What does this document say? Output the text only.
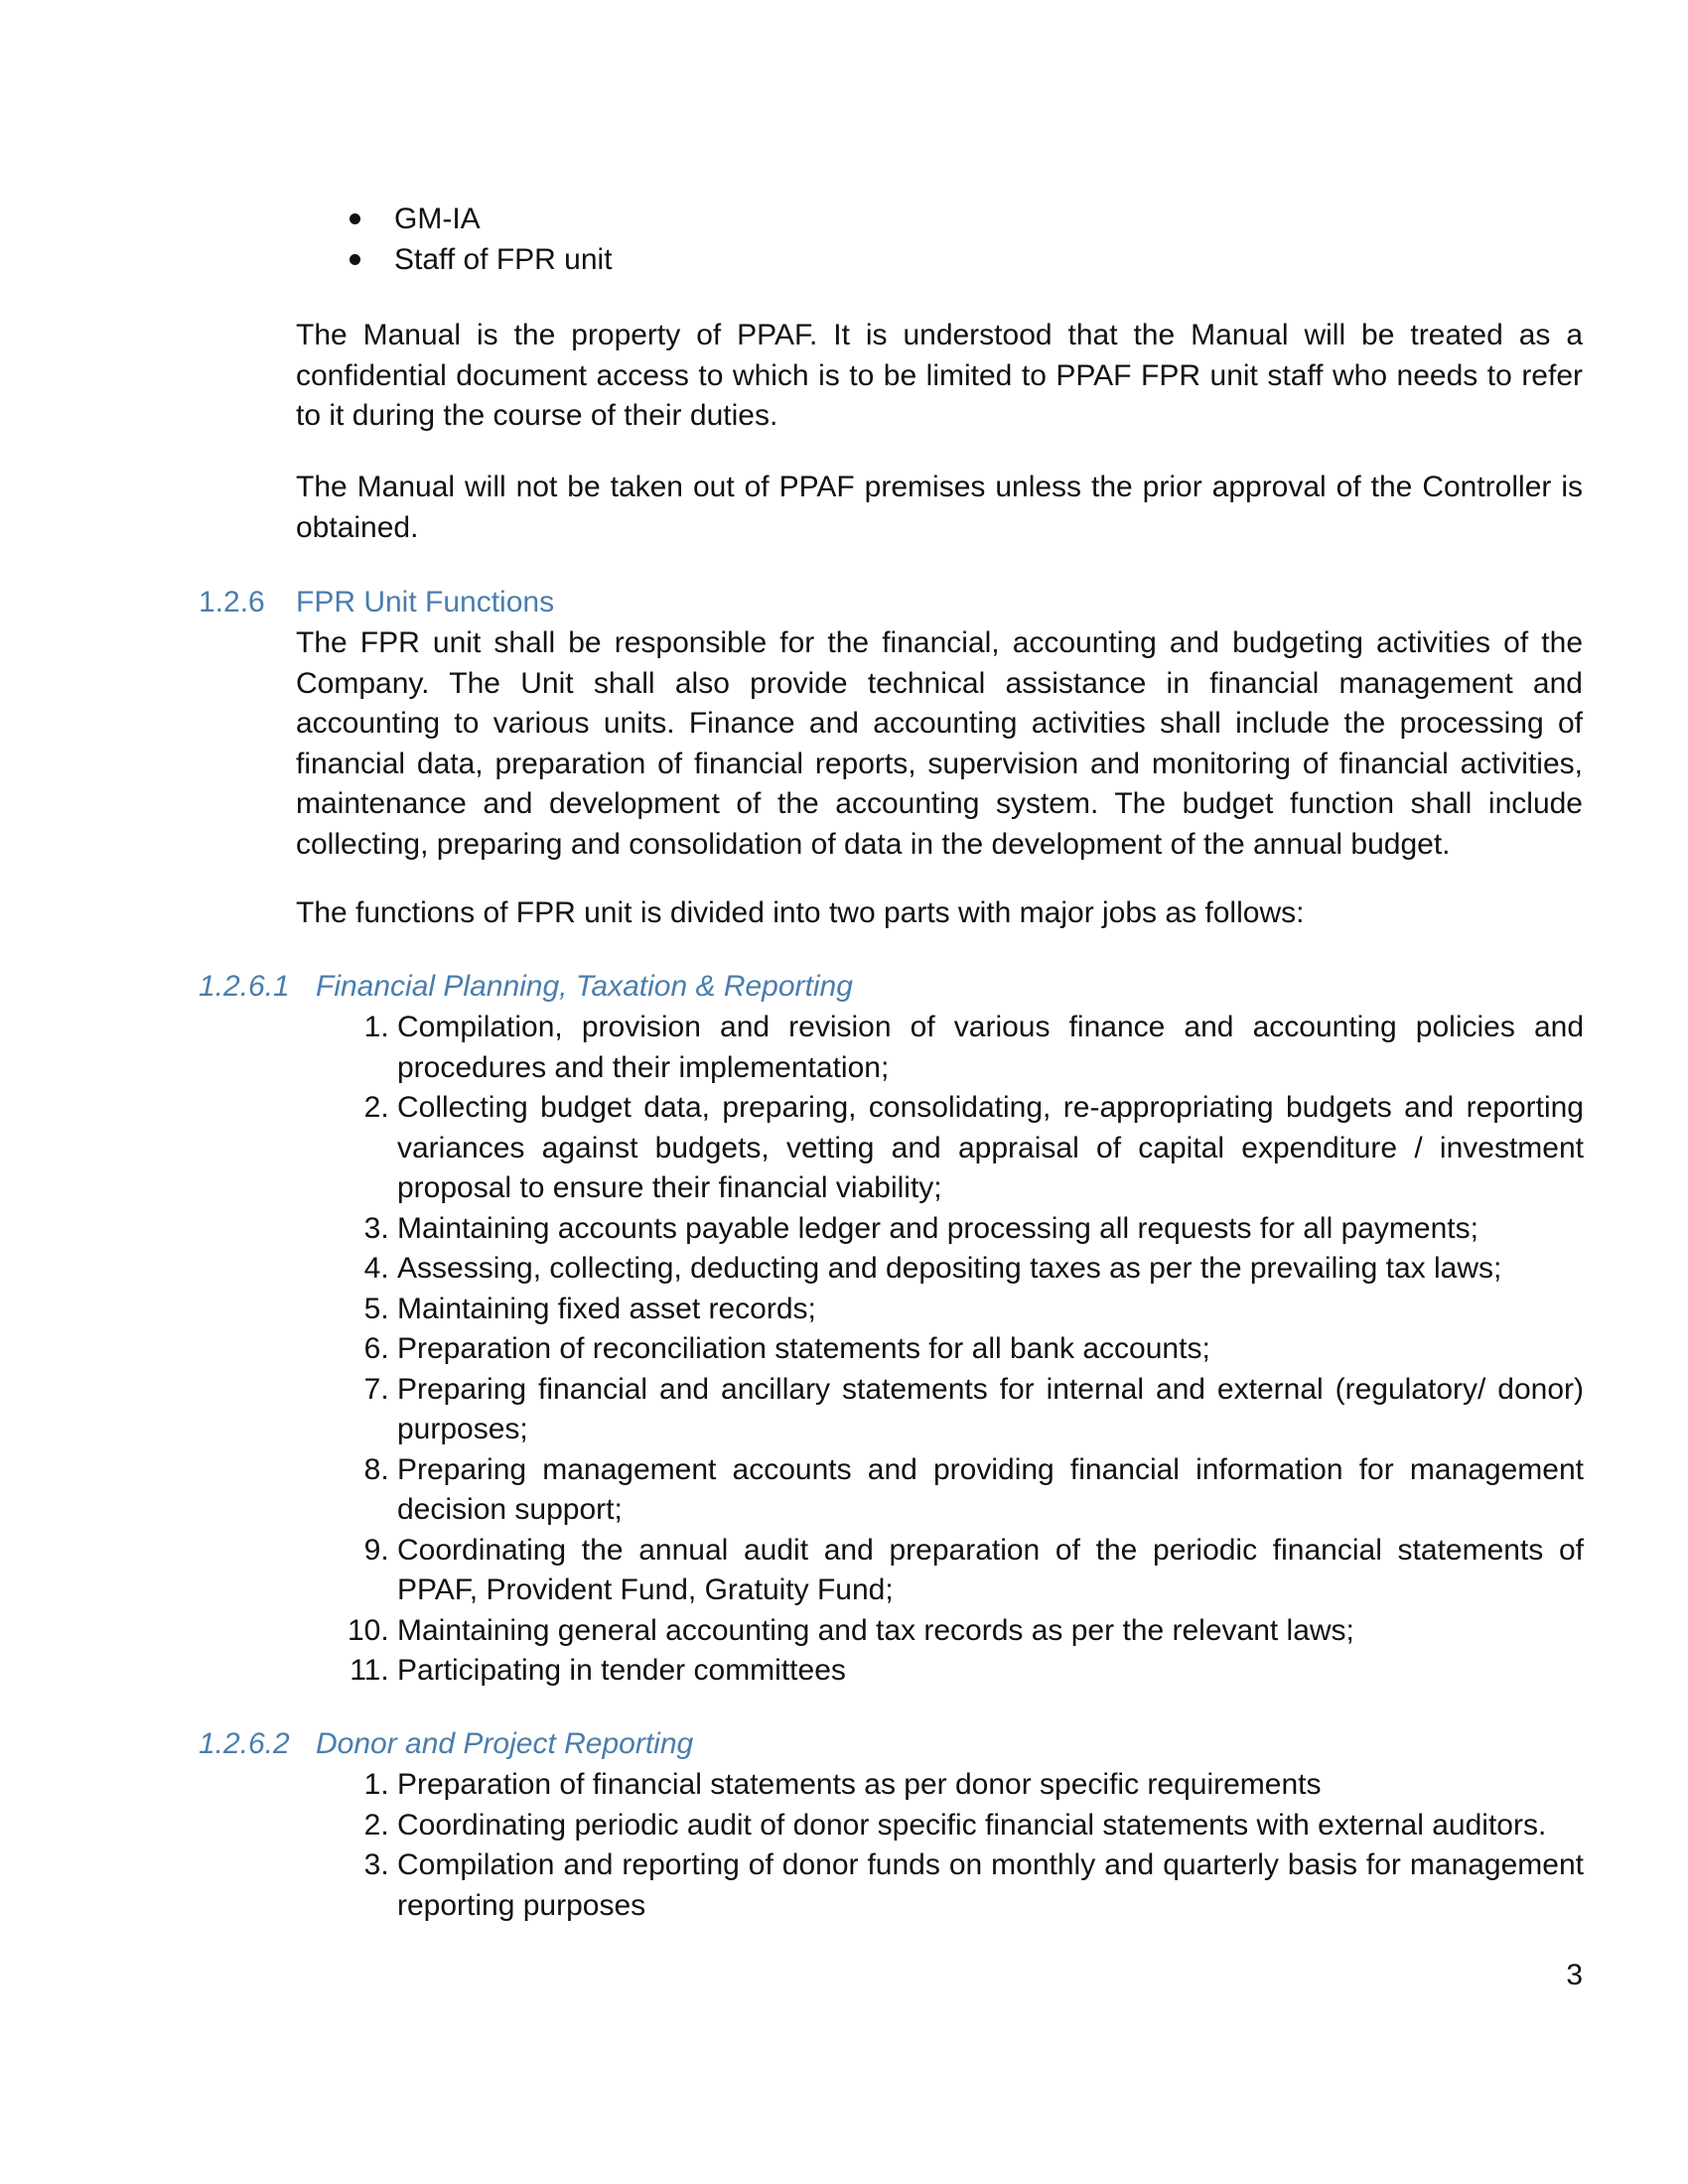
GM-IA
Staff of FPR unit

The Manual is the property of PPAF. It is understood that the Manual will be treated as a confidential document access to which is to be limited to PPAF FPR unit staff who needs to refer to it during the course of their duties.

The Manual will not be taken out of PPAF premises unless the prior approval of the Controller is obtained.

1.2.6 FPR Unit Functions

The FPR unit shall be responsible for the financial, accounting and budgeting activities of the Company. The Unit shall also provide technical assistance in financial management and accounting to various units. Finance and accounting activities shall include the processing of financial data, preparation of financial reports, supervision and monitoring of financial activities, maintenance and development of the accounting system. The budget function shall include collecting, preparing and consolidation of data in the development of the annual budget.

The functions of FPR unit is divided into two parts with major jobs as follows:

1.2.6.1 Financial Planning, Taxation & Reporting
1. Compilation, provision and revision of various finance and accounting policies and procedures and their implementation;
2. Collecting budget data, preparing, consolidating, re-appropriating budgets and reporting variances against budgets, vetting and appraisal of capital expenditure / investment proposal to ensure their financial viability;
3. Maintaining accounts payable ledger and processing all requests for all payments;
4. Assessing, collecting, deducting and depositing taxes as per the prevailing tax laws;
5. Maintaining fixed asset records;
6. Preparation of reconciliation statements for all bank accounts;
7. Preparing financial and ancillary statements for internal and external (regulatory/ donor) purposes;
8. Preparing management accounts and providing financial information for management decision support;
9. Coordinating the annual audit and preparation of the periodic financial statements of PPAF, Provident Fund, Gratuity Fund;
10. Maintaining general accounting and tax records as per the relevant laws;
11. Participating in tender committees
1.2.6.2 Donor and Project Reporting
1. Preparation of financial statements as per donor specific requirements
2. Coordinating periodic audit of donor specific financial statements with external auditors.
3. Compilation and reporting of donor funds on monthly and quarterly basis for management reporting purposes
3
